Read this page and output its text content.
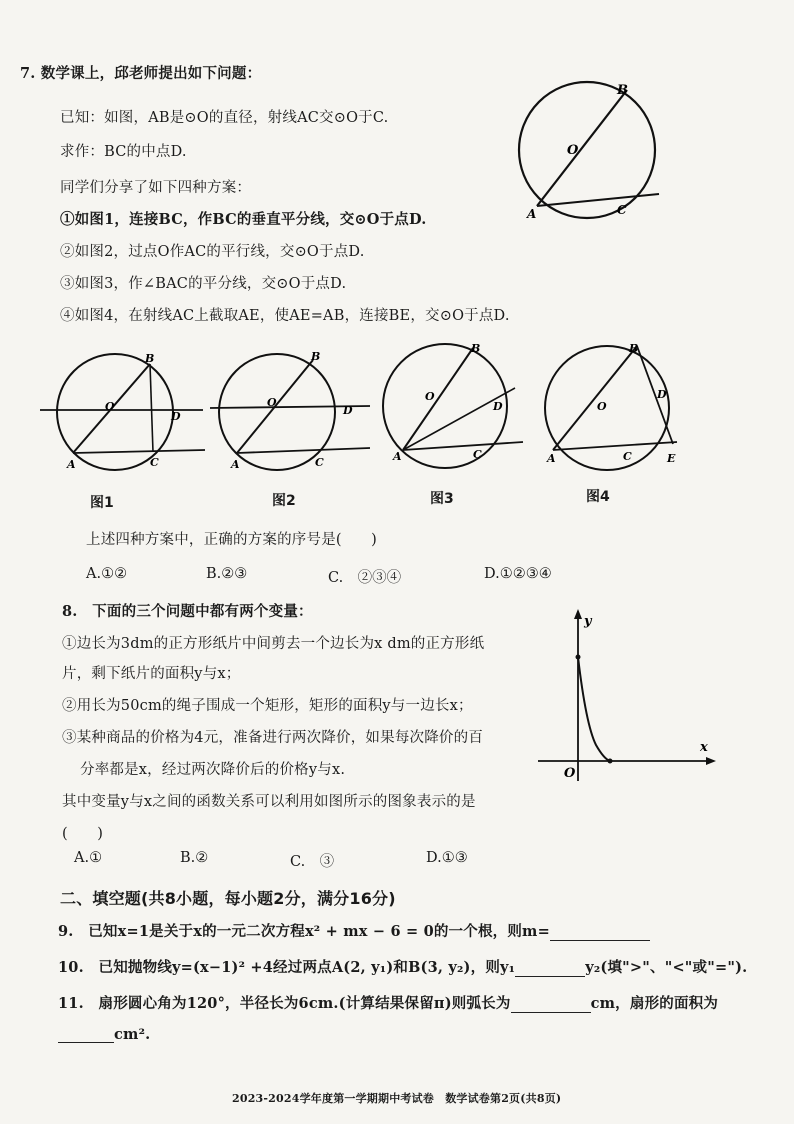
7. 数学课上，邱老师提出如下问题：
已知：如图，AB是⊙O的直径，射线AC交⊙O于C.
求作：BC的中点D.
同学们分享了如下四种方案：
①如图1，连接BC，作BC的垂直平分线，交⊙O于点D.
②如图2，过点O作AC的平行线，交⊙O于点D.
③如图3，作∠BAC的平分线，交⊙O于点D.
④如图4，在射线AC上截取AE，使AE=AB，连接BE，交⊙O于点D.
B
O
A	C
B
O
D
A	C
B
O
D
A	C
B
O
D
A	C
B
O
D
A	C	E
图1	图2	图3	图4
上述四种方案中，正确的方案的序号是(　　)
A.①②	B.②③	C.　②③④	D.①②③④
8.　下面的三个问题中都有两个变量：
①边长为3dm的正方形纸片中间剪去一个边长为x dm的正方形纸
片，剩下纸片的面积y与x；
②用长为50cm的绳子围成一个矩形，矩形的面积y与一边长x；
③某种商品的价格为4元，准备进行两次降价，如果每次降价的百
分率都是x，经过两次降价后的价格y与x.
其中变量y与x之间的函数关系可以利用如图所示的图象表示的是
(　　)
y
x
O
A.①	B.②	C.　③	D.①③
二、填空题(共8小题，每小题2分，满分16分)
9.　已知x=1是关于x的一元二次方程x² + mx − 6 = 0的一个根，则m=
10.　已知抛物线y=(x−1)² +4经过两点A(2, y₁)和B(3, y₂)，则y₁	y₂(填">"、"<"或"=").
11.　扇形圆心角为120°，半径长为6cm.(计算结果保留π)则弧长为	cm，扇形的面积为
cm².
2023-2024学年度第一学期期中考试卷　数学试卷第2页(共8页)
